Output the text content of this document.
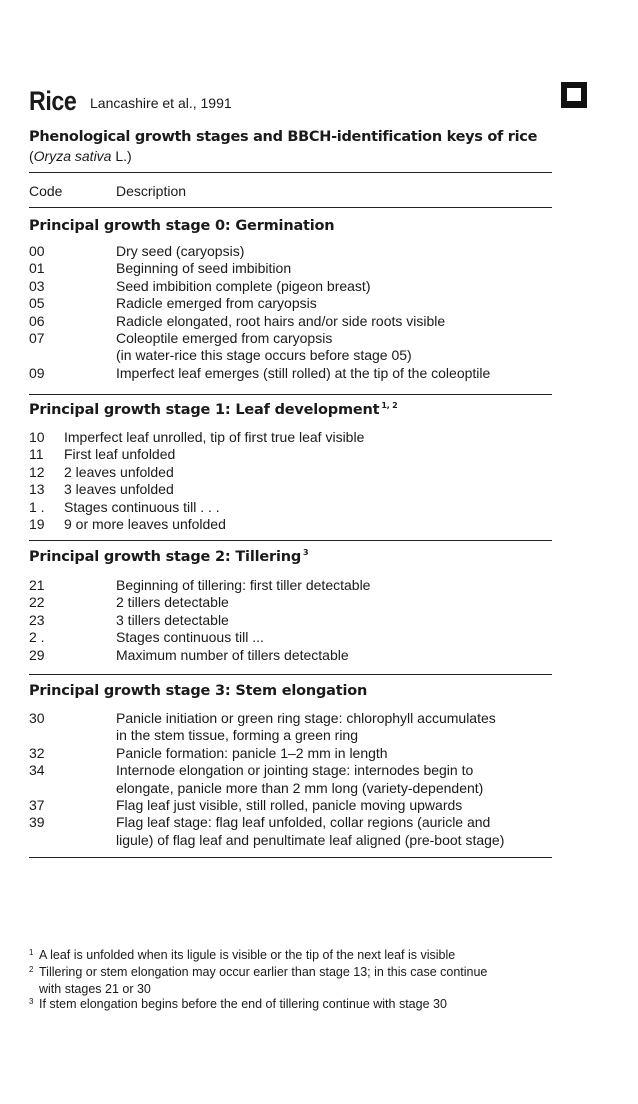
Rice Lancashire et al., 1991
Phenological growth stages and BBCH-identification keys of rice
(Oryza sativa L.)
Code	Description
Principal growth stage 0: Germination
00	Dry seed (caryopsis)
01	Beginning of seed imbibition
03	Seed imbibition complete (pigeon breast)
05	Radicle emerged from caryopsis
06	Radicle elongated, root hairs and/or side roots visible
07	Coleoptile emerged from caryopsis
(in water-rice this stage occurs before stage 05)
09	Imperfect leaf emerges (still rolled) at the tip of the coleoptile
Principal growth stage 1: Leaf development $^{1, 2}$
10 Imperfect leaf unrolled, tip of first true leaf visible
11 First leaf unfolded
12 2 leaves unfolded
13 3 leaves unfolded
1 . Stages continuous till . . .
19 9 or more leaves unfolded
Principal growth stage 2: Tillering $^3$
21	Beginning of tillering: first tiller detectable
22	2 tillers detectable
23	3 tillers detectable
2 .	Stages continuous till ...
29	Maximum number of tillers detectable
Principal growth stage 3: Stem elongation
30	Panicle initiation or green ring stage: chlorophyll accumulates
in the stem tissue, forming a green ring
32	Panicle formation: panicle 1–2 mm in length
34	Internode elongation or jointing stage: internodes begin to
elongate, panicle more than 2 mm long (variety-dependent)
37	Flag leaf just visible, still rolled, panicle moving upwards
39	Flag leaf stage: flag leaf unfolded, collar regions (auricle and
ligule) of flag leaf and penultimate leaf aligned (pre-boot stage)
1 A leaf is unfolded when its ligule is visible or the tip of the next leaf is visible
2 Tillering or stem elongation may occur earlier than stage 13; in this case continue
with stages 21 or 30
3 If stem elongation begins before the end of tillering continue with stage 30
